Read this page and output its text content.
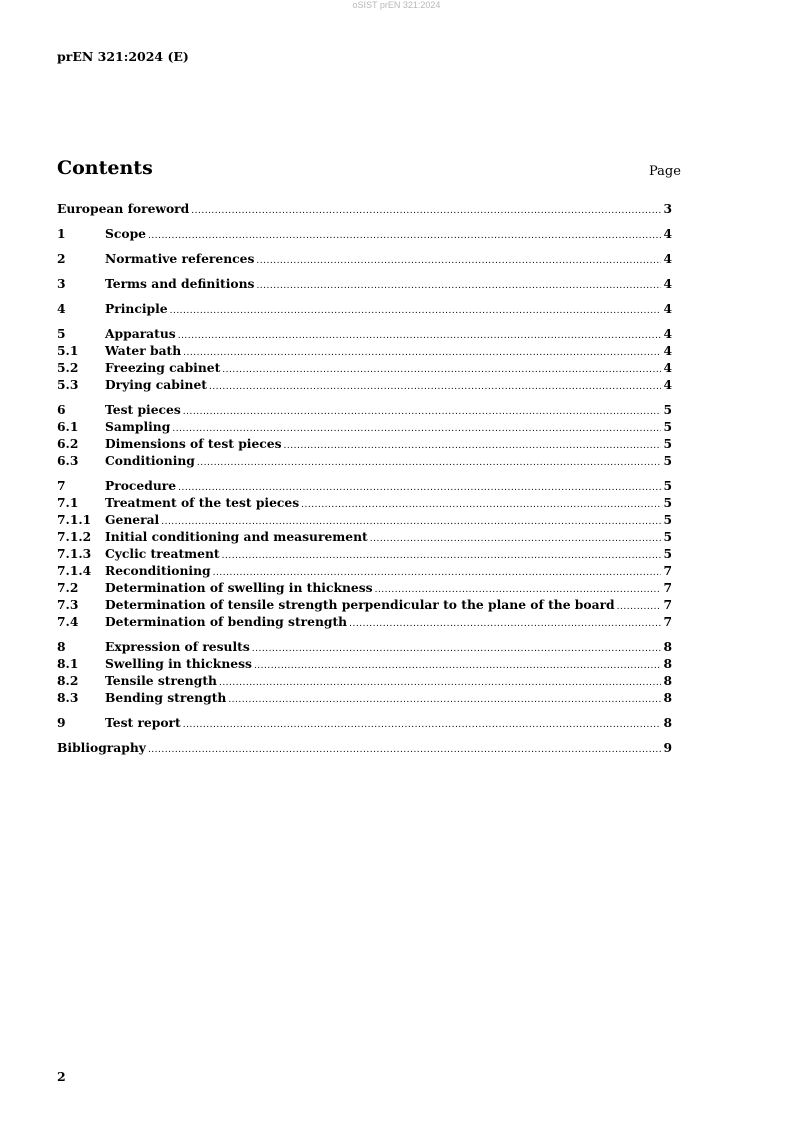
oSIST prEN 321:2024
prEN 321:2024 (E)
Contents	Page
European foreword .....	3
1	Scope .....	4
2	Normative references .....	4
3	Terms and definitions .....	4
4	Principle .....	4
5	Apparatus .....	4
5.1	Water bath .....	4
5.2	Freezing cabinet .....	4
5.3	Drying cabinet .....	4
6	Test pieces .....	5
6.1	Sampling .....	5
6.2	Dimensions of test pieces .....	5
6.3	Conditioning .....	5
7	Procedure .....	5
7.1	Treatment of the test pieces .....	5
7.1.1	General .....	5
7.1.2	Initial conditioning and measurement .....	5
7.1.3	Cyclic treatment .....	5
7.1.4	Reconditioning .....	7
7.2	Determination of swelling in thickness .....	7
7.3	Determination of tensile strength perpendicular to the plane of the board .....	7
7.4	Determination of bending strength .....	7
8	Expression of results .....	8
8.1	Swelling in thickness .....	8
8.2	Tensile strength .....	8
8.3	Bending strength .....	8
9	Test report .....	8
Bibliography .....	9
2
